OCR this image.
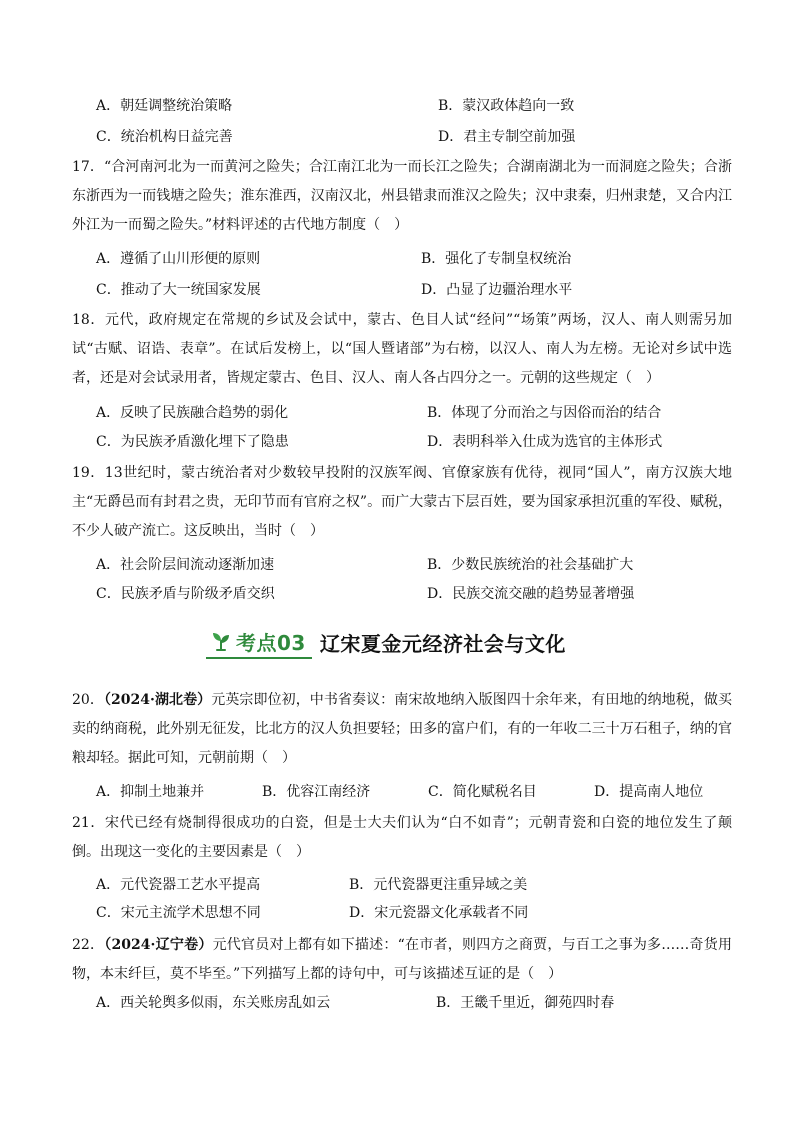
A．朝廷调整统治策略	B．蒙汉政体趋向一致
C．统治机构日益完善	D．君主专制空前加强
17．“合河南河北为一而黄河之险失；合江南江北为一而长江之险失；合湖南湖北为一而洞庭之险失；合浙东浙西为一而钱塘之险失；淮东淮西，汉南汉北，州县错隶而淮汉之险失；汉中隶秦，归州隶楚，又合内江外江为一而蜀之险失。”材料评述的古代地方制度（　）
A．遵循了山川形便的原则	B．强化了专制皇权统治
C．推动了大一统国家发展	D．凸显了边疆治理水平
18．元代，政府规定在常规的乡试及会试中，蒙古、色目人试“经问”“场策”两场，汉人、南人则需另加试“古赋、诏诰、表章”。在试后发榜上，以“国人暨诸部”为右榜，以汉人、南人为左榜。无论对乡试中选者，还是对会试录用者，皆规定蒙古、色目、汉人、南人各占四分之一。元朝的这些规定（　）
A．反映了民族融合趋势的弱化	B．体现了分而治之与因俗而治的结合
C．为民族矛盾激化埋下了隐患	D．表明科举入仕成为选官的主体形式
19．13世纪时，蒙古统治者对少数较早投附的汉族军阀、官僚家族有优待，视同“国人”，南方汉族大地主“无爵邑而有封君之贵，无印节而有官府之权”。而广大蒙古下层百姓，要为国家承担沉重的军役、赋税，不少人破产流亡。这反映出，当时（　）
A．社会阶层间流动逐渐加速	B．少数民族统治的社会基础扩大
C．民族矛盾与阶级矛盾交织	D．民族交流交融的趋势显著增强
考点03 辽宋夏金元经济社会与文化
20．（2024·湖北卷）元英宗即位初，中书省奏议：南宋故地纳入版图四十余年来，有田地的纳地税，做买卖的纳商税，此外别无征发，比北方的汉人负担要轻；田多的富户们，有的一年收二三十万石租子，纳的官粮却轻。据此可知，元朝前期（　）
A．抑制土地兼并	B．优容江南经济	C．简化赋税名目	D．提高南人地位
21．宋代已经有烧制得很成功的白瓷，但是士大夫们认为“白不如青”；元朝青瓷和白瓷的地位发生了颠倒。出现这一变化的主要因素是（　）
A．元代瓷器工艺水平提高	B．元代瓷器更注重异域之美
C．宋元主流学术思想不同	D．宋元瓷器文化承载者不同
22．（2024·辽宁卷）元代官员对上都有如下描述：“在市者，则四方之商贾，与百工之事为多……奇货用物，本末纤巨，莫不毕至。”下列描写上都的诗句中，可与该描述互证的是（　）
A．西关轮舆多似雨，东关账房乱如云	B．王畿千里近，御苑四时春
